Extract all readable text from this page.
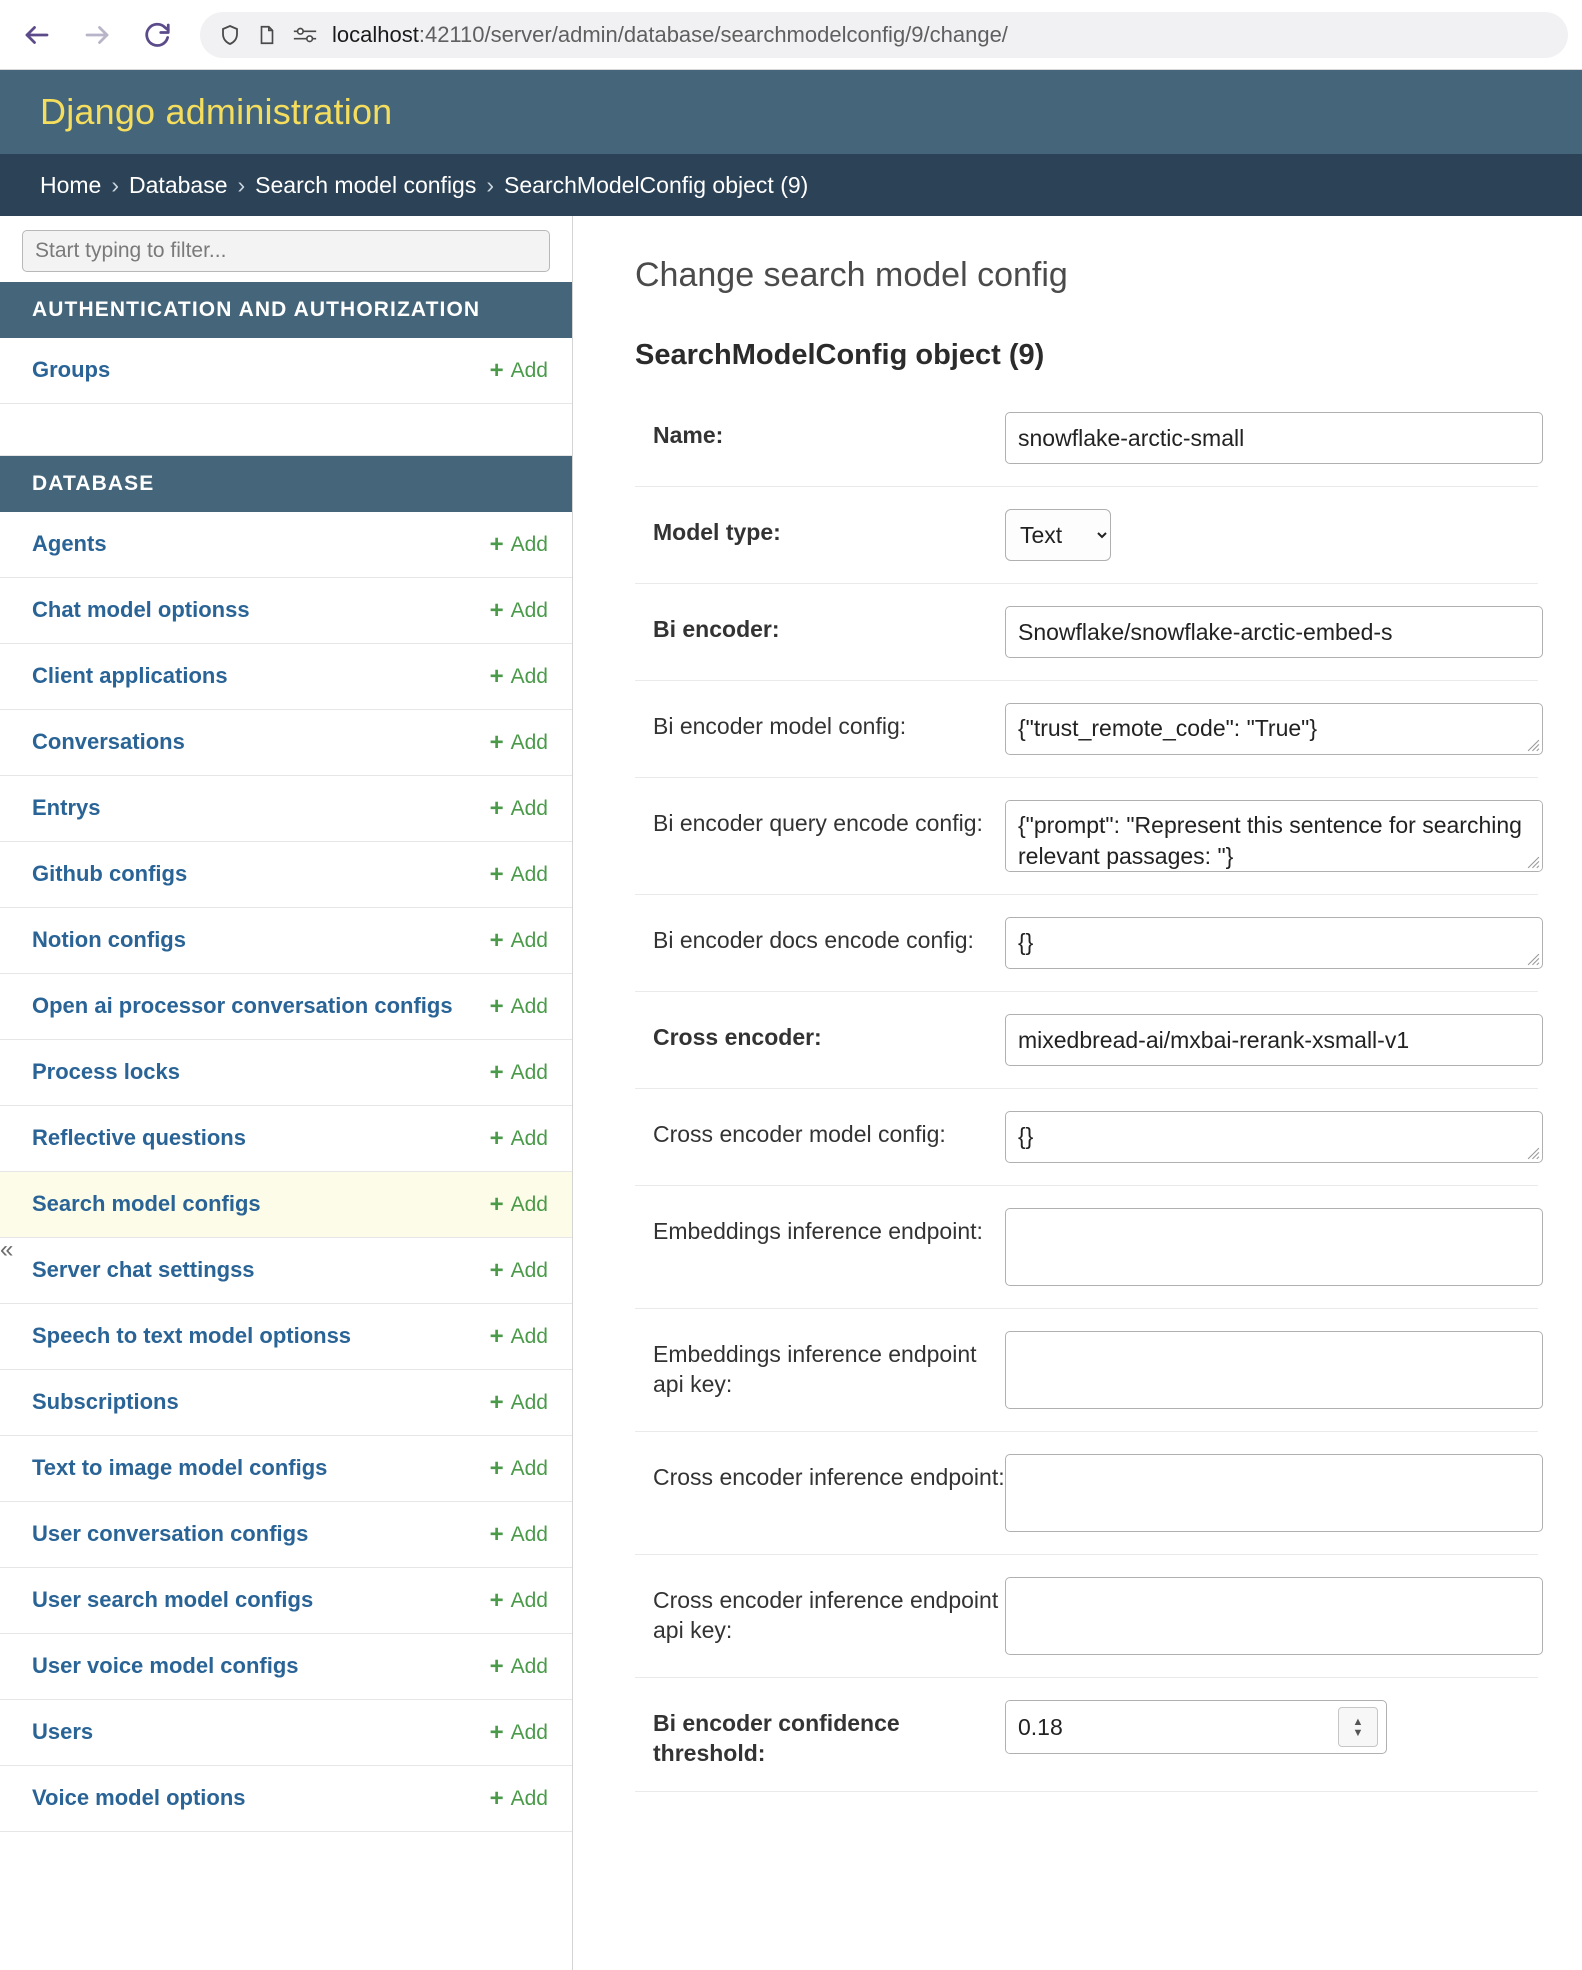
localhost:42110/server/admin/database/searchmodelconfig/9/change/
Django administration
Home › Database › Search model configs › SearchModelConfig object (9)
Start typing to filter...
AUTHENTICATION AND AUTHORIZATION
Groups	+ Add
DATABASE
Agents	+ Add
Chat model optionss	+ Add
Client applications	+ Add
Conversations	+ Add
Entrys	+ Add
Github configs	+ Add
Notion configs	+ Add
Open ai processor conversation configs + Add
Process locks	+ Add
Reflective questions	+ Add
Search model configs	+ Add
Server chat settingss	+ Add
Speech to text model optionss	+ Add
Subscriptions	+ Add
Text to image model configs	+ Add
User conversation configs	+ Add
User search model configs	+ Add
User voice model configs	+ Add
Users	+ Add
Voice model options	+ Add
«
Change search model config
SearchModelConfig object (9)
Name:
snowflake-arctic-small
Model type:
Text
Bi encoder:
Snowflake/snowflake-arctic-embed-s
Bi encoder model config:
{"trust_remote_code": "True"}
Bi encoder query encode config:
{"prompt": "Represent this sentence for searching relevant passages: "}
Bi encoder docs encode config:
{}
Cross encoder:
mixedbread-ai/mxbai-rerank-xsmall-v1
Cross encoder model config:
{}
Embeddings inference endpoint:
Embeddings inference endpoint api key:
Cross encoder inference endpoint:
Cross encoder inference endpoint api key:
Bi encoder confidence threshold:
0.18
▲
▼
